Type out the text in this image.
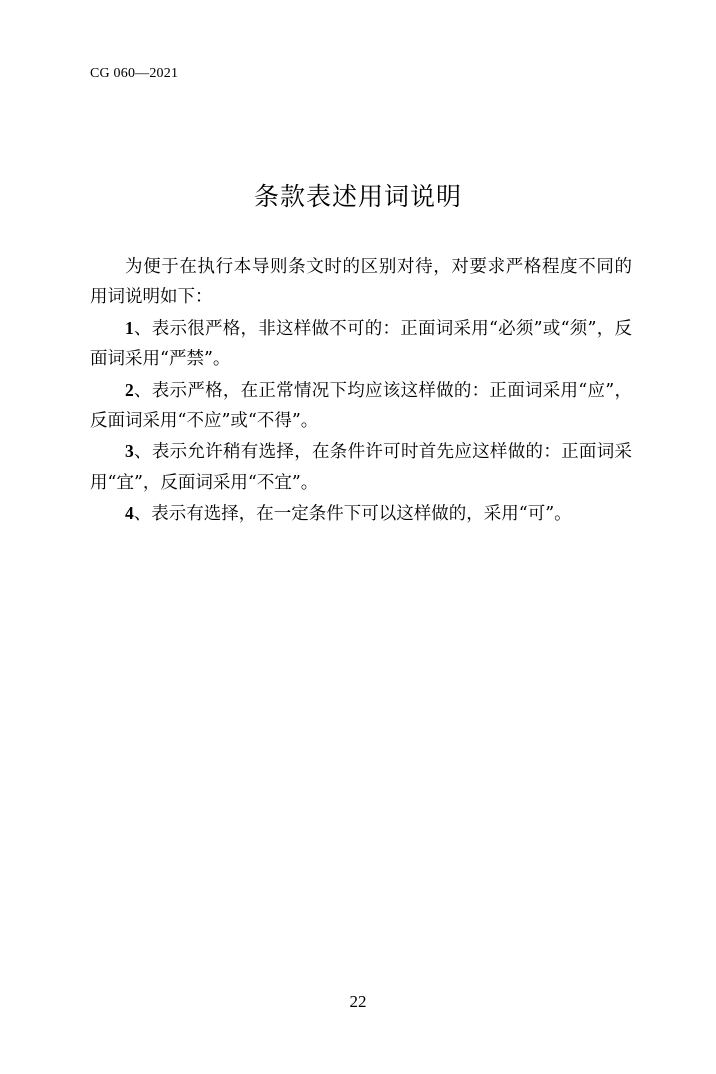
CG 060—2021
条款表述用词说明

为便于在执行本导则条文时的区别对待，对要求严格程度不同的用词说明如下：

1、表示很严格，非这样做不可的：正面词采用“必须”或“须”，反面词采用“严禁”。

2、表示严格，在正常情况下均应该这样做的：正面词采用“应”，反面词采用“不应”或“不得”。

3、表示允许稍有选择，在条件许可时首先应这样做的：正面词采用“宜”，反面词采用“不宜”。

4、表示有选择，在一定条件下可以这样做的，采用“可”。

22
